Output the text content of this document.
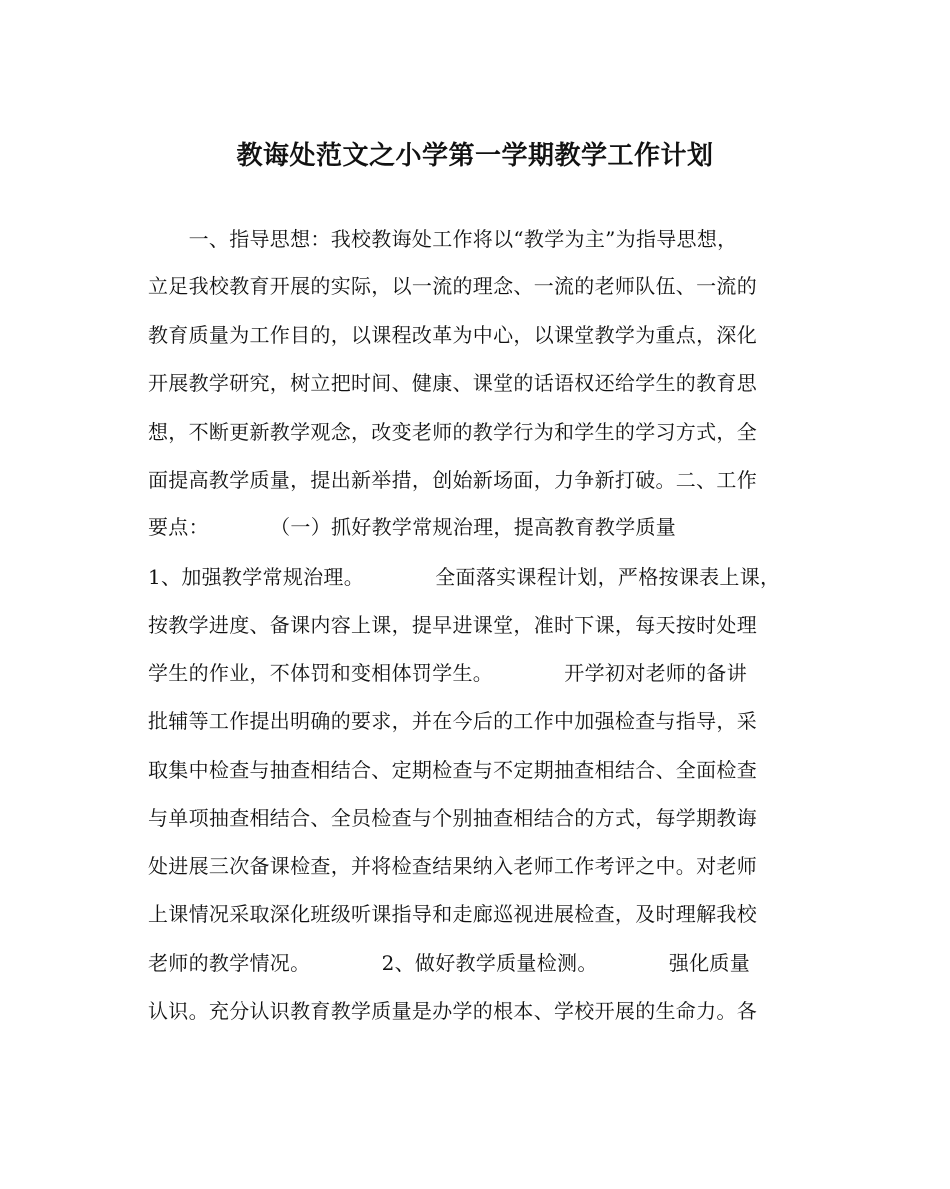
教诲处范文之小学第一学期教学工作计划
　　一、指导思想：我校教诲处工作将以“教学为主”为指导思想，
立足我校教育开展的实际，以一流的理念、一流的老师队伍、一流的
教育质量为工作目的，以课程改革为中心，以课堂教学为重点，深化
开展教学研究，树立把时间、健康、课堂的话语权还给学生的教育思
想，不断更新教学观念，改变老师的教学行为和学生的学习方式，全
面提高教学质量，提出新举措，创始新场面，力争新打破。二、工作
要点：　　　　（一）抓好教学常规治理，提高教育教学质量
1、加强教学常规治理。　　　　全面落实课程计划，严格按课表上课，
按教学进度、备课内容上课，提早进课堂，准时下课，每天按时处理
学生的作业，不体罚和变相体罚学生。　　　　开学初对老师的备讲
批辅等工作提出明确的要求，并在今后的工作中加强检查与指导，采
取集中检查与抽查相结合、定期检查与不定期抽查相结合、全面检查
与单项抽查相结合、全员检查与个别抽查相结合的方式，每学期教诲
处进展三次备课检查，并将检查结果纳入老师工作考评之中。对老师
上课情况采取深化班级听课指导和走廊巡视进展检查，及时理解我校
老师的教学情况。　　　　2、做好教学质量检测。　　　　强化质量
认识。充分认识教育教学质量是办学的根本、学校开展的生命力。各
